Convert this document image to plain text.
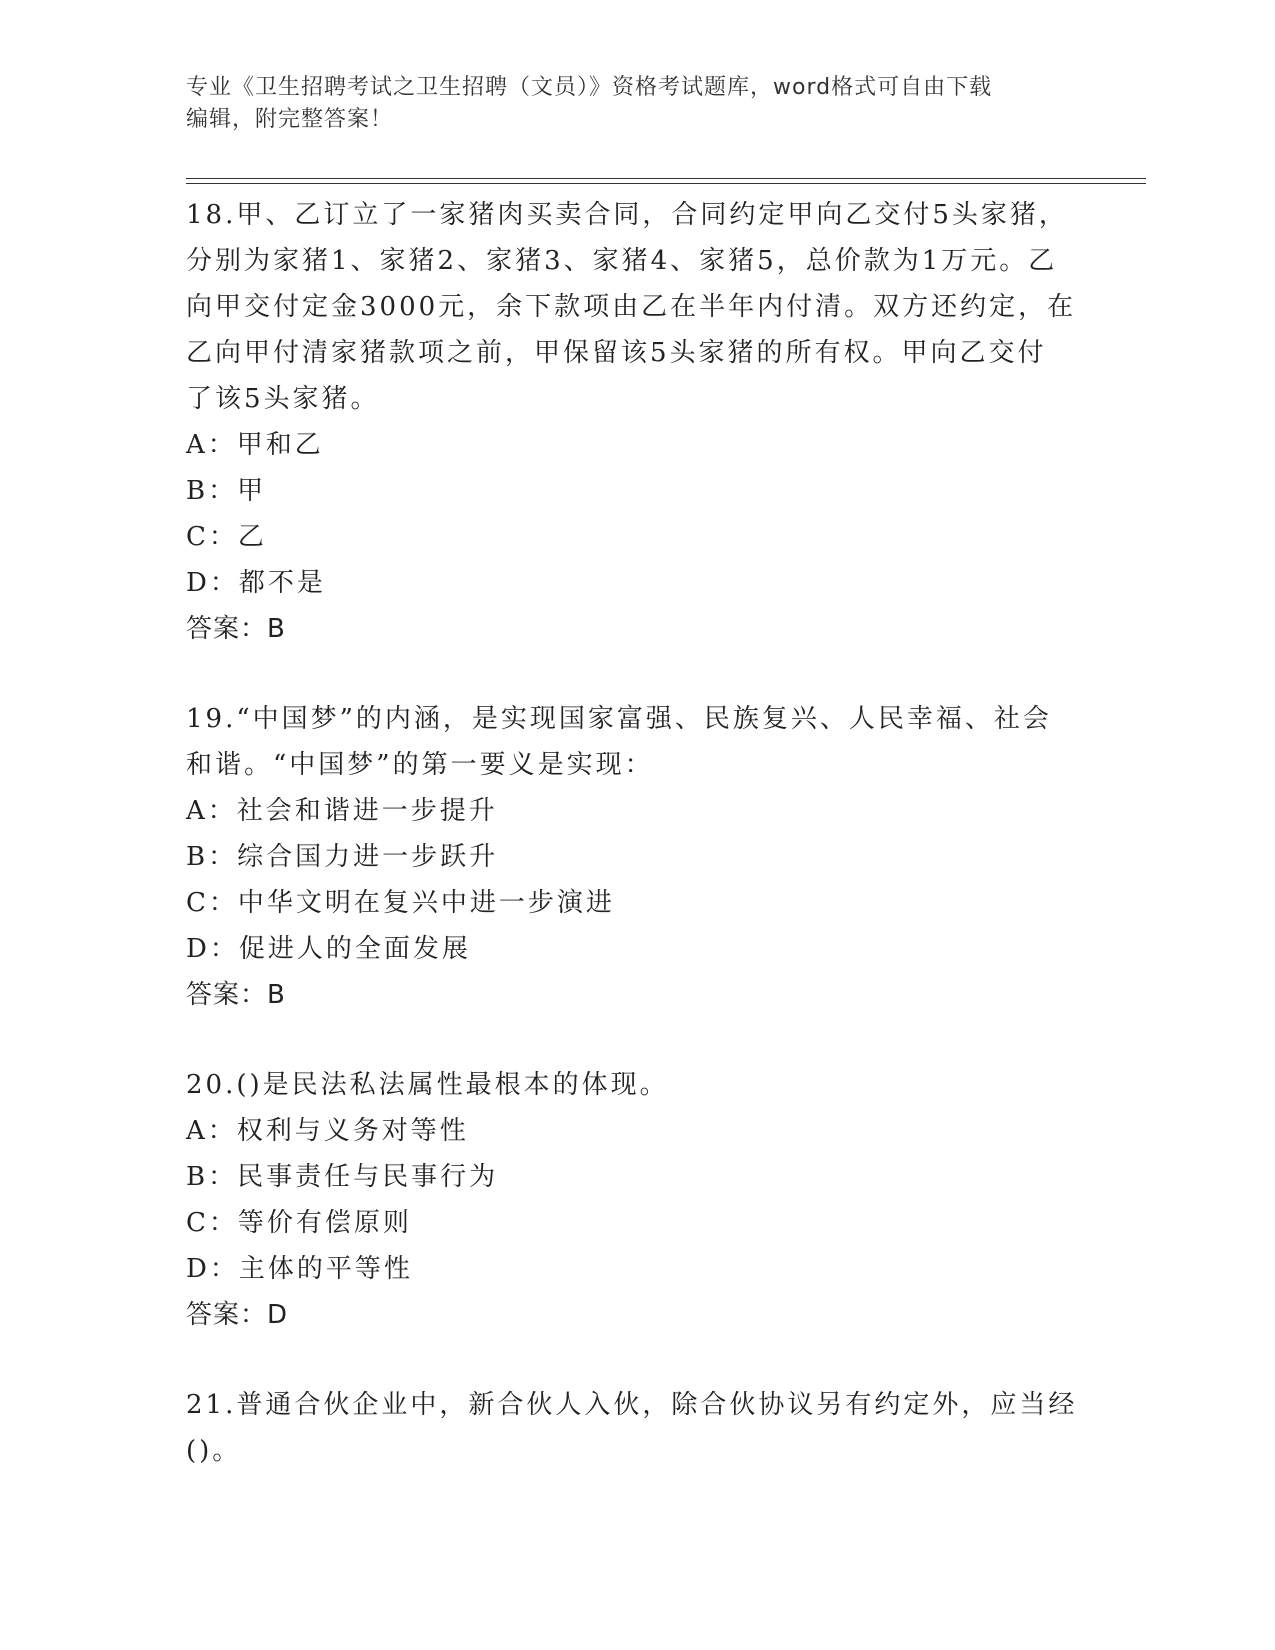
专业《卫生招聘考试之卫生招聘（文员）》资格考试题库，word格式可自由下载
编辑，附完整答案！

18.甲、乙订立了一家猪肉买卖合同，合同约定甲向乙交付5头家猪，

分别为家猪1、家猪2、家猪3、家猪4、家猪5，总价款为1万元。乙

向甲交付定金3000元，余下款项由乙在半年内付清。双方还约定，在

乙向甲付清家猪款项之前，甲保留该5头家猪的所有权。甲向乙交付

了该5头家猪。

A：甲和乙

B：甲

C：乙

D：都不是

答案：B

19.“中国梦”的内涵，是实现国家富强、民族复兴、人民幸福、社会

和谐。“中国梦”的第一要义是实现：

A：社会和谐进一步提升

B：综合国力进一步跃升

C：中华文明在复兴中进一步演进

D：促进人的全面发展

答案：B

20.()是民法私法属性最根本的体现。

A：权利与义务对等性

B：民事责任与民事行为

C：等价有偿原则

D：主体的平等性

答案：D

21.普通合伙企业中，新合伙人入伙，除合伙协议另有约定外，应当经

()。
